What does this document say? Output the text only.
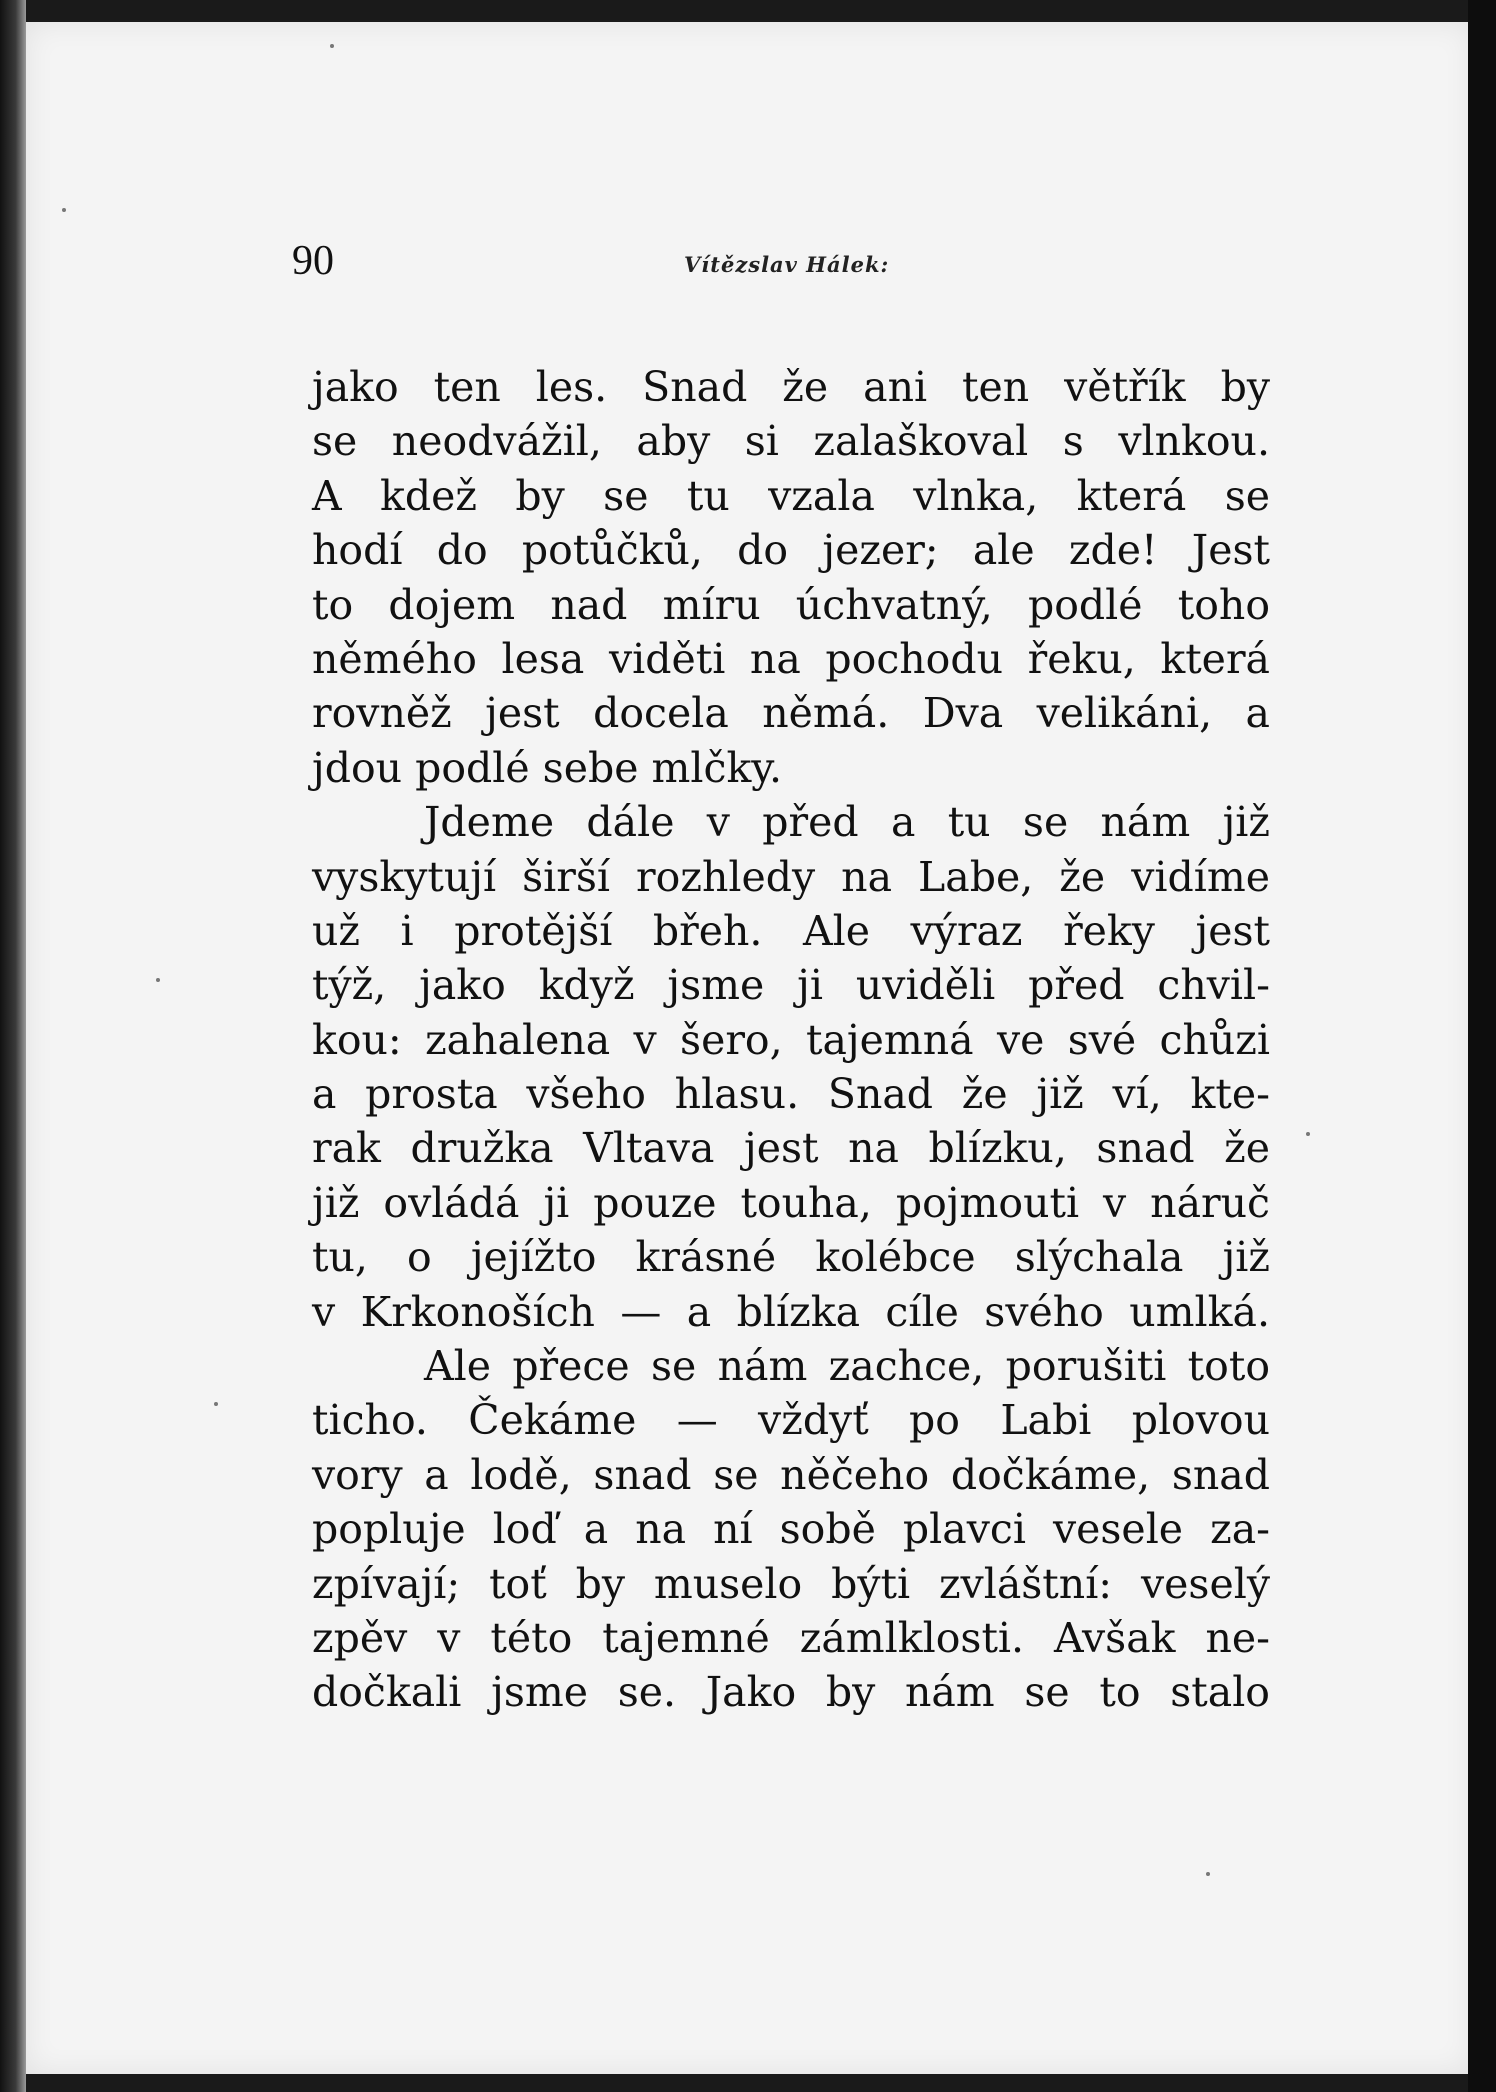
90	Vítězslav Hálek:
jako ten les. Snad že ani ten větřík by
se neodvážil, aby si zalaškoval s vlnkou.
A kdež by se tu vzala vlnka, která se
hodí do potůčků, do jezer; ale zde! Jest
to dojem nad míru úchvatný, podlé toho
němého lesa viděti na pochodu řeku, která
rovněž jest docela němá. Dva velikáni, a
jdou podlé sebe mlčky.
Jdeme dále v před a tu se nám již
vyskytují širší rozhledy na Labe, že vidíme
už i protější břeh. Ale výraz řeky jest
týž, jako když jsme ji uviděli před chvil-
kou: zahalena v šero, tajemná ve své chůzi
a prosta všeho hlasu. Snad že již ví, kte-
rak družka Vltava jest na blízku, snad že
již ovládá ji pouze touha, pojmouti v náruč
tu, o jejížto krásné kolébce slýchala již
v Krkonoších — a blízka cíle svého umlká.
Ale přece se nám zachce, porušiti toto
ticho. Čekáme — vždyť po Labi plovou
vory a lodě, snad se něčeho dočkáme, snad
popluje loď a na ní sobě plavci vesele za-
zpívají; toť by muselo býti zvláštní: veselý
zpěv v této tajemné zámlklosti. Avšak ne-
dočkali jsme se. Jako by nám se to stalo
